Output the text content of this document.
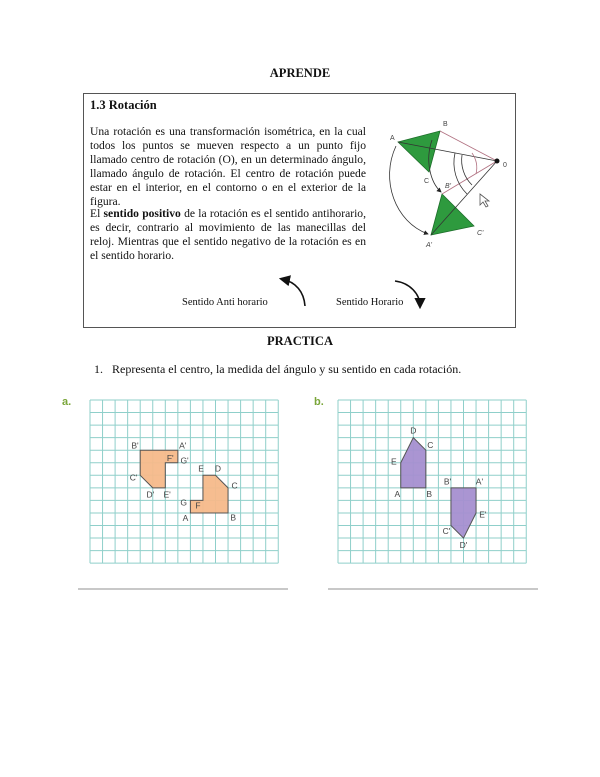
APRENDE
1.3 Rotación
Una rotación es una transformación isométrica, en la cual todos los puntos se mueven respecto a un punto fijo llamado centro de rotación (O), en un determinado ángulo, llamado ángulo de rotación. El centro de rotación puede estar en el interior, en el contorno o en el exterior de la figura.
El sentido positivo de la rotación es el sentido antihorario, es decir, contrario al movimiento de las manecillas del reloj. Mientras que el sentido negativo de la rotación es en el sentido horario.
Sentido Anti horario	Sentido Horario
A
B
C
0
B'
C'
A'
PRACTICA
1. Representa el centro, la medida del ángulo y su sentido en cada rotación.
a.	b.
A	B
C
D
E
F
G
A'
B'
C'
D' E'
F' G'
A	B
C
D
E
A'
B'
C'
D'
E'
